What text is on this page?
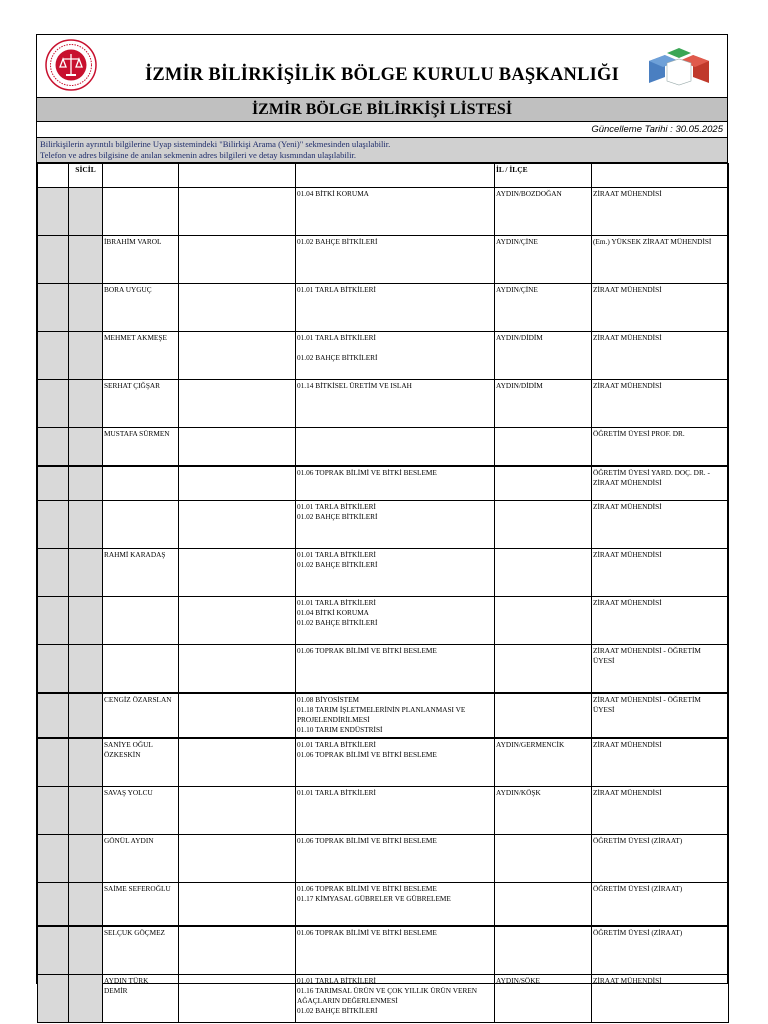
İZMİR BİLİRKİŞİLİK BÖLGE KURULU BAŞKANLIĞI
İZMİR BÖLGE BİLİRKİŞİ LİSTESİ
Güncelleme Tarihi : 30.05.2025
Bilirkişilerin ayrıntılı bilgilerine Uyap sistemindeki "Bilirkişi Arama (Yeni)" sekmesinden ulaşılabilir.
Telefon ve adres bilgisine de anılan sekmenin adres bilgileri ve detay kısmından ulaşılabilir.
	SİCİL				İL / İLÇE	

				01.04 BİTKİ KORUMA	AYDIN/BOZDOĞAN	ZİRAAT MÜHENDİSİ

		İBRAHİM VAROL		01.02 BAHÇE BİTKİLERİ	AYDIN/ÇİNE	(Em.) YÜKSEK ZİRAAT MÜHENDİSİ

		BORA UYGUÇ		01.01 TARLA BİTKİLERİ	AYDIN/ÇİNE	ZİRAAT MÜHENDİSİ

		MEHMET AKMEŞE		01.01 TARLA BİTKİLERİ
01.02 BAHÇE BİTKİLERİ	AYDIN/DİDİM	ZİRAAT MÜHENDİSİ

		SERHAT ÇIĞŞAR		01.14 BİTKİSEL ÜRETİM VE ISLAH	AYDIN/DİDİM	ZİRAAT MÜHENDİSİ

		MUSTAFA SÜRMEN				ÖĞRETİM ÜYESİ PROF. DR.

				01.06 TOPRAK BİLİMİ VE BİTKİ BESLEME		ÖĞRETİM ÜYESİ YARD. DOÇ. DR. -
ZİRAAT MÜHENDİSİ

				01.01 TARLA BİTKİLERİ
01.02 BAHÇE BİTKİLERİ		ZİRAAT MÜHENDİSİ

		RAHMİ KARADAŞ		01.01 TARLA BİTKİLERİ
01.02 BAHÇE BİTKİLERİ		ZİRAAT MÜHENDİSİ

				01.01 TARLA BİTKİLERİ
01.04 BİTKİ KORUMA
01.02 BAHÇE BİTKİLERİ		ZİRAAT MÜHENDİSİ

				01.06 TOPRAK BİLİMİ VE BİTKİ BESLEME		ZİRAAT MÜHENDİSİ - ÖĞRETİM
ÜYESİ

		CENGİZ ÖZARSLAN		01.08 BİYOSİSTEM
01.18 TARIM İŞLETMELERİNİN PLANLANMASI VE
PROJELENDİRİLMESİ
01.10 TARIM ENDÜSTRİSİ		ZİRAAT MÜHENDİSİ - ÖĞRETİM
ÜYESİ

		SANİYE OĞUL
ÖZKESKİN		01.01 TARLA BİTKİLERİ
01.06 TOPRAK BİLİMİ VE BİTKİ BESLEME	AYDIN/GERMENCİK	ZİRAAT MÜHENDİSİ

		SAVAŞ YOLCU		01.01 TARLA BİTKİLERİ	AYDIN/KÖŞK	ZİRAAT MÜHENDİSİ

		GÖNÜL AYDIN		01.06 TOPRAK BİLİMİ VE BİTKİ BESLEME		ÖĞRETİM ÜYESİ (ZİRAAT)

		SAİME SEFEROĞLU		01.06 TOPRAK BİLİMİ VE BİTKİ BESLEME
01.17 KİMYASAL GÜBRELER VE GÜBRELEME		ÖĞRETİM ÜYESİ (ZİRAAT)

		SELÇUK GÖÇMEZ		01.06 TOPRAK BİLİMİ VE BİTKİ BESLEME		ÖĞRETİM ÜYESİ (ZİRAAT)

		AYDIN TÜRK
DEMİR		01.01 TARLA BİTKİLERİ
01.16 TARIMSAL ÜRÜN VE ÇOK YILLIK ÜRÜN VEREN
AĞAÇLARIN DEĞERLENMESİ
01.02 BAHÇE BİTKİLERİ	AYDIN/SÖKE	ZİRAAT MÜHENDİSİ
